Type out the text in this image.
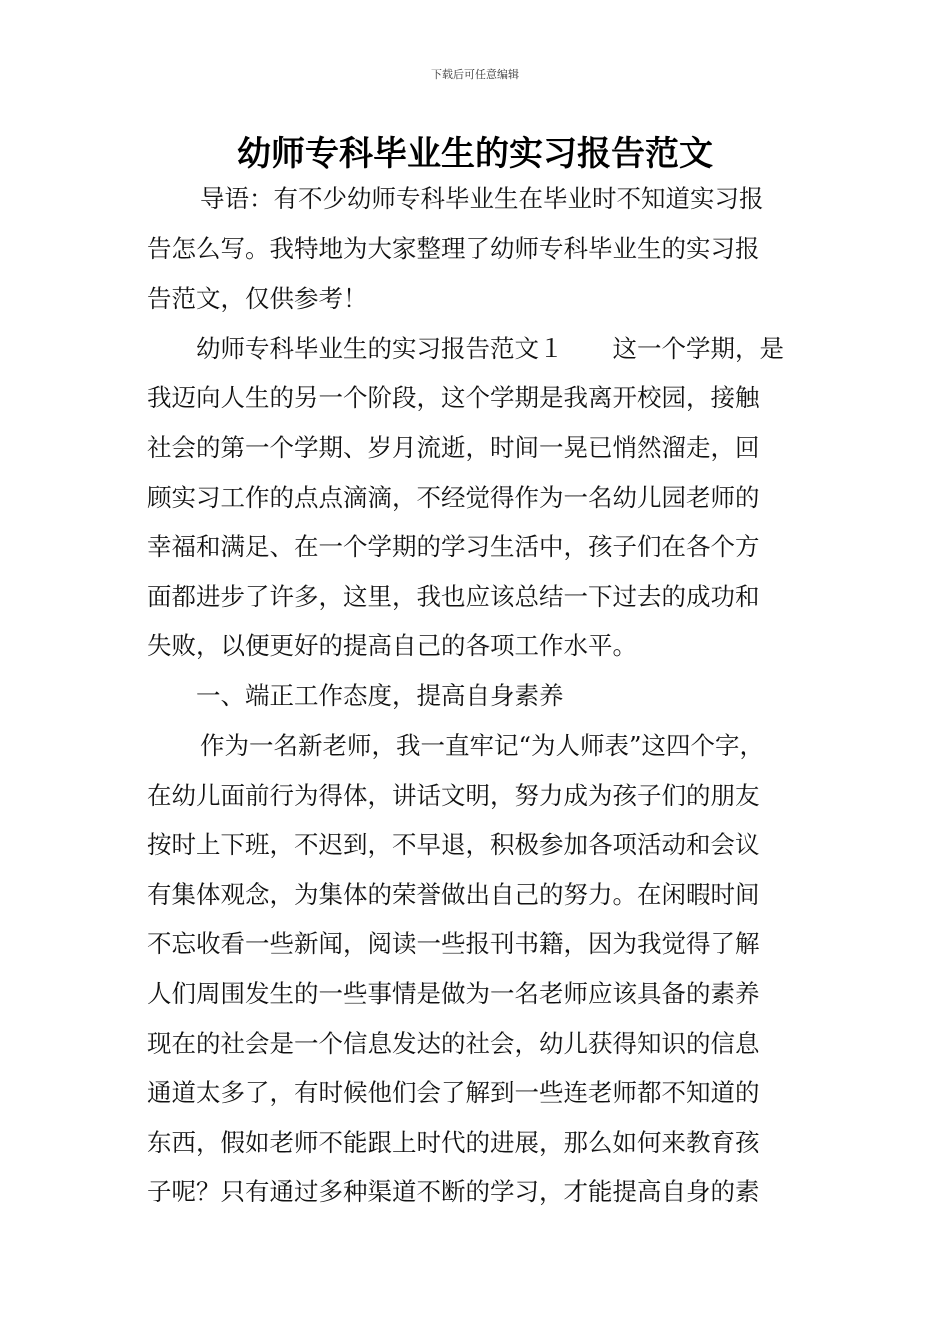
下载后可任意编辑
幼师专科毕业生的实习报告范文
导语：有不少幼师专科毕业生在毕业时不知道实习报
告怎么写。我特地为大家整理了幼师专科毕业生的实习报
告范文，仅供参考！
幼师专科毕业生的实习报告范文１　　这一个学期，是
我迈向人生的另一个阶段，这个学期是我离开校园，接触
社会的第一个学期、岁月流逝，时间一晃已悄然溜走，回
顾实习工作的点点滴滴，不经觉得作为一名幼儿园老师的
幸福和满足、在一个学期的学习生活中，孩子们在各个方
面都进步了许多，这里，我也应该总结一下过去的成功和
失败，以便更好的提高自己的各项工作水平。
一、端正工作态度，提高自身素养
作为一名新老师，我一直牢记“为人师表”这四个字，
在幼儿面前行为得体，讲话文明，努力成为孩子们的朋友
按时上下班，不迟到，不早退，积极参加各项活动和会议
有集体观念，为集体的荣誉做出自己的努力。在闲暇时间
不忘收看一些新闻，阅读一些报刊书籍，因为我觉得了解
人们周围发生的一些事情是做为一名老师应该具备的素养
现在的社会是一个信息发达的社会，幼儿获得知识的信息
通道太多了，有时候他们会了解到一些连老师都不知道的
东西，假如老师不能跟上时代的进展，那么如何来教育孩
子呢？只有通过多种渠道不断的学习，才能提高自身的素
